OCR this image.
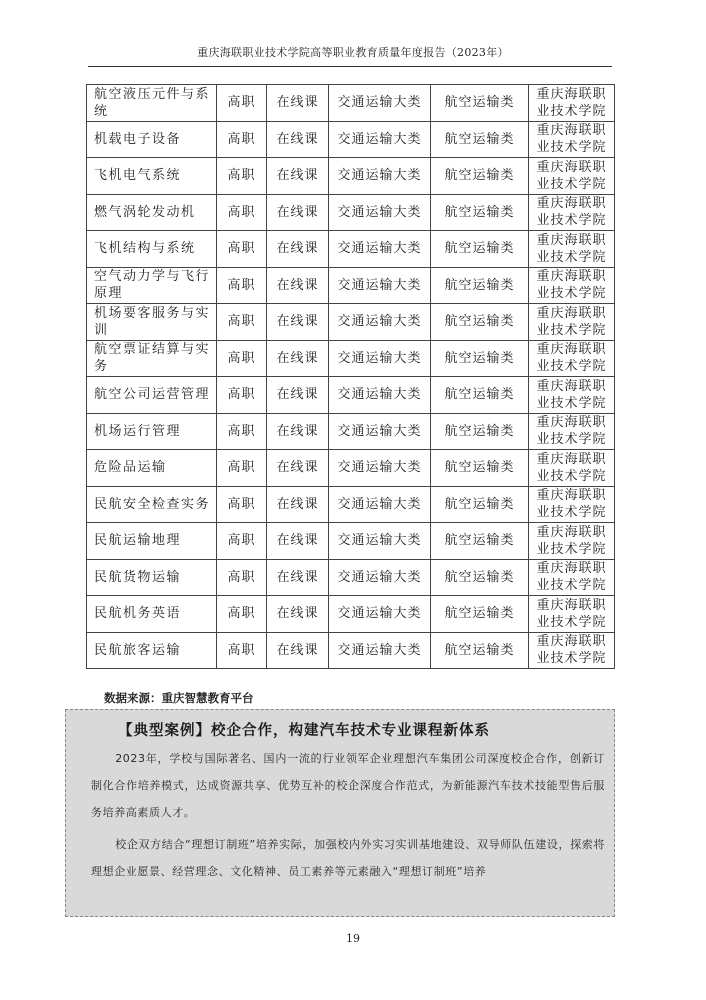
重庆海联职业技术学院高等职业教育质量年度报告（2023年）
航空液压元件与系统	高职	在线课	交通运输大类	航空运输类	重庆海联职业技术学院
机载电子设备	高职	在线课	交通运输大类	航空运输类	重庆海联职业技术学院
飞机电气系统	高职	在线课	交通运输大类	航空运输类	重庆海联职业技术学院
燃气涡轮发动机	高职	在线课	交通运输大类	航空运输类	重庆海联职业技术学院
飞机结构与系统	高职	在线课	交通运输大类	航空运输类	重庆海联职业技术学院
空气动力学与飞行原理	高职	在线课	交通运输大类	航空运输类	重庆海联职业技术学院
机场要客服务与实训	高职	在线课	交通运输大类	航空运输类	重庆海联职业技术学院
航空票证结算与实务	高职	在线课	交通运输大类	航空运输类	重庆海联职业技术学院
航空公司运营管理	高职	在线课	交通运输大类	航空运输类	重庆海联职业技术学院
机场运行管理	高职	在线课	交通运输大类	航空运输类	重庆海联职业技术学院
危险品运输	高职	在线课	交通运输大类	航空运输类	重庆海联职业技术学院
民航安全检查实务	高职	在线课	交通运输大类	航空运输类	重庆海联职业技术学院
民航运输地理	高职	在线课	交通运输大类	航空运输类	重庆海联职业技术学院
民航货物运输	高职	在线课	交通运输大类	航空运输类	重庆海联职业技术学院
民航机务英语	高职	在线课	交通运输大类	航空运输类	重庆海联职业技术学院
民航旅客运输	高职	在线课	交通运输大类	航空运输类	重庆海联职业技术学院
数据来源：重庆智慧教育平台
【典型案例】校企合作，构建汽车技术专业课程新体系

2023年，学校与国际著名、国内一流的行业领军企业理想汽车集团公司深度校企合作，创新订制化合作培养模式，达成资源共享、优势互补的校企深度合作范式，为新能源汽车技术技能型售后服务培养高素质人才。

校企双方结合“理想订制班”培养实际，加强校内外实习实训基地建设、双导师队伍建设，探索将理想企业愿景、经营理念、文化精神、员工素养等元素融入“理想订制班”培养

19
